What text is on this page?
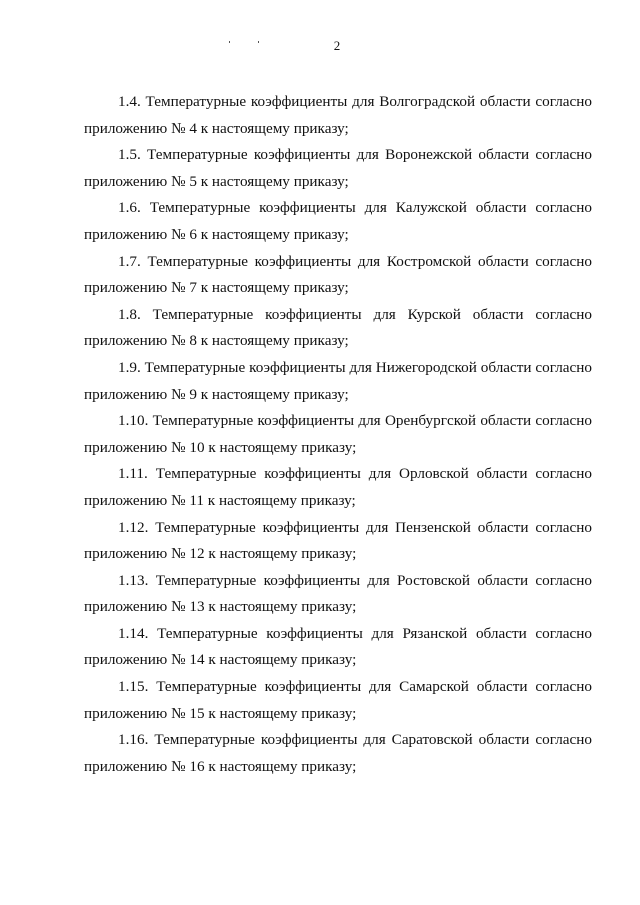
2

1.4. Температурные коэффициенты для Волгоградской области согласно
приложению № 4 к настоящему приказу;

1.5. Температурные коэффициенты для Воронежской области согласно
приложению № 5 к настоящему приказу;

1.6. Температурные коэффициенты для Калужской области согласно
приложению № 6 к настоящему приказу;

1.7. Температурные коэффициенты для Костромской области согласно
приложению № 7 к настоящему приказу;

1.8. Температурные коэффициенты для Курской области согласно
приложению № 8 к настоящему приказу;

1.9. Температурные коэффициенты для Нижегородской области согласно
приложению № 9 к настоящему приказу;

1.10. Температурные коэффициенты для Оренбургской области согласно
приложению № 10 к настоящему приказу;

1.11. Температурные коэффициенты для Орловской области согласно
приложению № 11 к настоящему приказу;

1.12. Температурные коэффициенты для Пензенской области согласно
приложению № 12 к настоящему приказу;

1.13. Температурные коэффициенты для Ростовской области согласно
приложению № 13 к настоящему приказу;

1.14. Температурные коэффициенты для Рязанской области согласно
приложению № 14 к настоящему приказу;

1.15. Температурные коэффициенты для Самарской области согласно
приложению № 15 к настоящему приказу;

1.16. Температурные коэффициенты для Саратовской области согласно
приложению № 16 к настоящему приказу;
